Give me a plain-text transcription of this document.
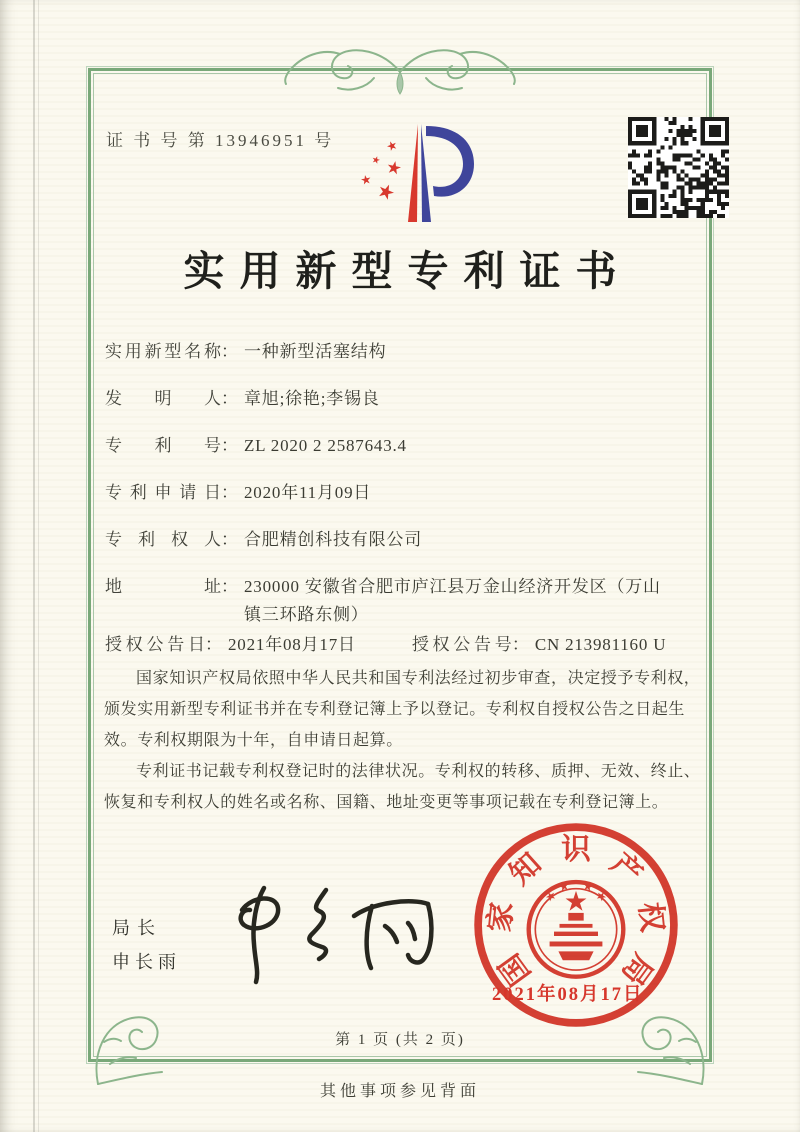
证 书 号 第 13946951 号
实用新型专利证书
实用新型名称 ： 一种新型活塞结构
发明人 ： 章旭;徐艳;李锡良
专利号 ： ZL 2020 2 2587643.4
专利申请日 ： 2020年11月09日
专利权人 ： 合肥精创科技有限公司
地址 ： 230000 安徽省合肥市庐江县万金山经济开发区（万山镇三环路东侧）
授权公告日 ： 2021年08月17日	授权公告号 ： CN 213981160 U

国家知识产权局依照中华人民共和国专利法经过初步审查，决定授予专利权，颁发实用新型专利证书并在专利登记簿上予以登记。专利权自授权公告之日起生效。专利权期限为十年，自申请日起算。

专利证书记载专利权登记时的法律状况。专利权的转移、质押、无效、终止、恢复和专利权人的姓名或名称、国籍、地址变更等事项记载在专利登记簿上。

局长
申长雨	国
家
知 识 产
权
局
2021年08月17日
第 1 页 (共 2 页)
其他事项参见背面
